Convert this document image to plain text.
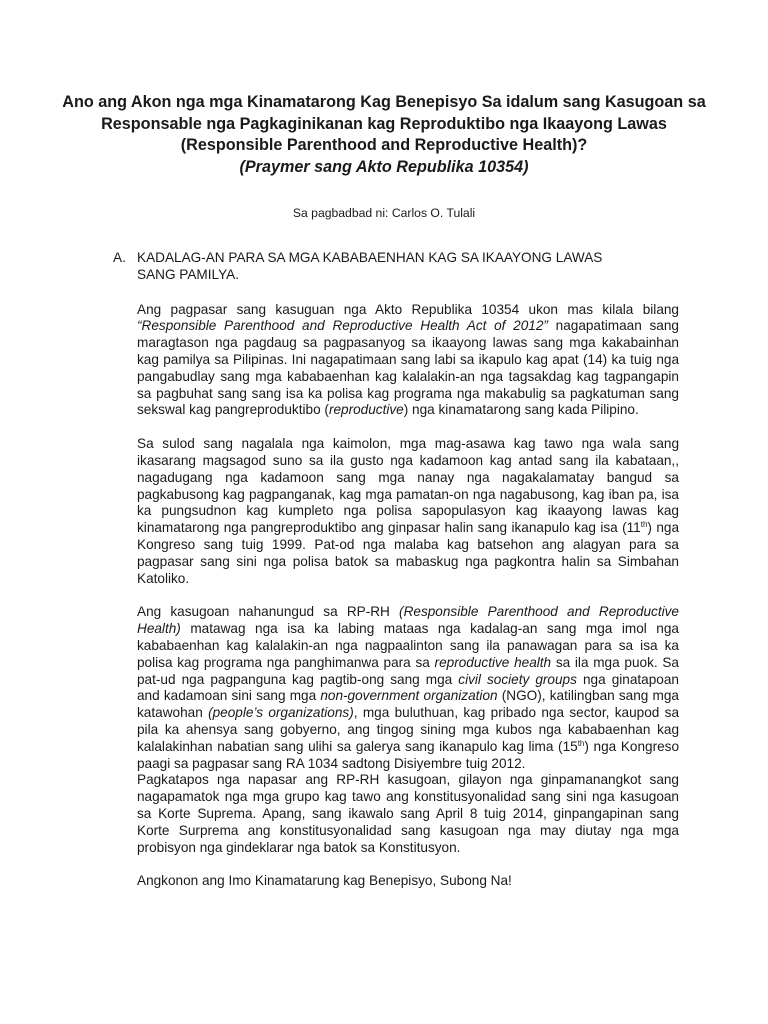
Ano ang Akon nga mga Kinamatarong Kag Benepisyo Sa idalum sang Kasugoan sa
Responsable nga Pagkaginikanan kag Reproduktibo nga Ikaayong Lawas
(Responsible Parenthood and Reproductive Health)?
(Praymer sang Akto Republika 10354)
Sa pagbadbad ni: Carlos O. Tulali
A. KADALAG-AN PARA SA MGA KABABAENHAN KAG SA IKAAYONG LAWAS SANG PAMILYA.

Ang pagpasar sang kasuguan nga Akto Republika 10354 ukon mas kilala bilang “Responsible Parenthood and Reproductive Health Act of 2012” nagapatimaan sang maragtason nga pagdaug sa pagpasanyog sa ikaayong lawas sang mga kakabainhan kag pamilya sa Pilipinas. Ini nagapatimaan sang labi sa ikapulo kag apat (14) ka tuig nga pangabudlay sang mga kababaenhan kag kalalakin-an nga tagsakdag kag tagpangapin sa pagbuhat sang sang isa ka polisa kag programa nga makabulig sa pagkatuman sang sekswal kag pangreproduktibo (reproductive) nga kinamatarong sang kada Pilipino.

Sa sulod sang nagalala nga kaimolon, mga mag-asawa kag tawo nga wala sang ikasarang magsagod suno sa ila gusto nga kadamoon kag antad sang ila kabataan,, nagadugang nga kadamoon sang mga nanay nga nagakalamatay bangud sa pagkabusong kag pagpanganak, kag mga pamatan-on nga nagabusong, kag iban pa, isa ka pungsudnon kag kumpleto nga polisa sapopulasyon kag ikaayong lawas kag kinamatarong nga pangreproduktibo ang ginpasar halin sang ikanapulo kag isa (11th) nga Kongreso sang tuig 1999. Pat-od nga malaba kag batsehon ang alagyan para sa pagpasar sang sini nga polisa batok sa mabaskug nga pagkontra halin sa Simbahan Katoliko.

Ang kasugoan nahanungud sa RP-RH (Responsible Parenthood and Reproductive Health) matawag nga isa ka labing mataas nga kadalag-an sang mga imol nga kababaenhan kag kalalakin-an nga nagpaalinton sang ila panawagan para sa isa ka polisa kag programa nga panghimanwa para sa reproductive health sa ila mga puok. Sa pat-ud nga pagpanguna kag pagtib-ong sang mga civil society groups nga ginatapoan and kadamoan sini sang mga non-government organization (NGO), katilingban sang mga katawohan (people’s organizations), mga buluthuan, kag pribado nga sector, kaupod sa pila ka ahensya sang gobyerno, ang tingog sining mga kubos nga kababaenhan kag kalalakinhan nabatian sang ulihi sa galerya sang ikanapulo kag lima (15th) nga Kongreso paagi sa pagpasar sang RA 1034 sadtong Disiyembre tuig 2012.

Pagkatapos nga napasar ang RP-RH kasugoan, gilayon nga ginpamanangkot sang nagapamatok nga mga grupo kag tawo ang konstitusyonalidad sang sini nga kasugoan sa Korte Suprema. Apang, sang ikawalo sang April 8 tuig 2014, ginpangapinan sang Korte Surprema ang konstitusyonalidad sang kasugoan nga may diutay nga mga probisyon nga gindeklarar nga batok sa Konstitusyon.

Angkonon ang Imo Kinamatarung kag Benepisyo, Subong Na!
